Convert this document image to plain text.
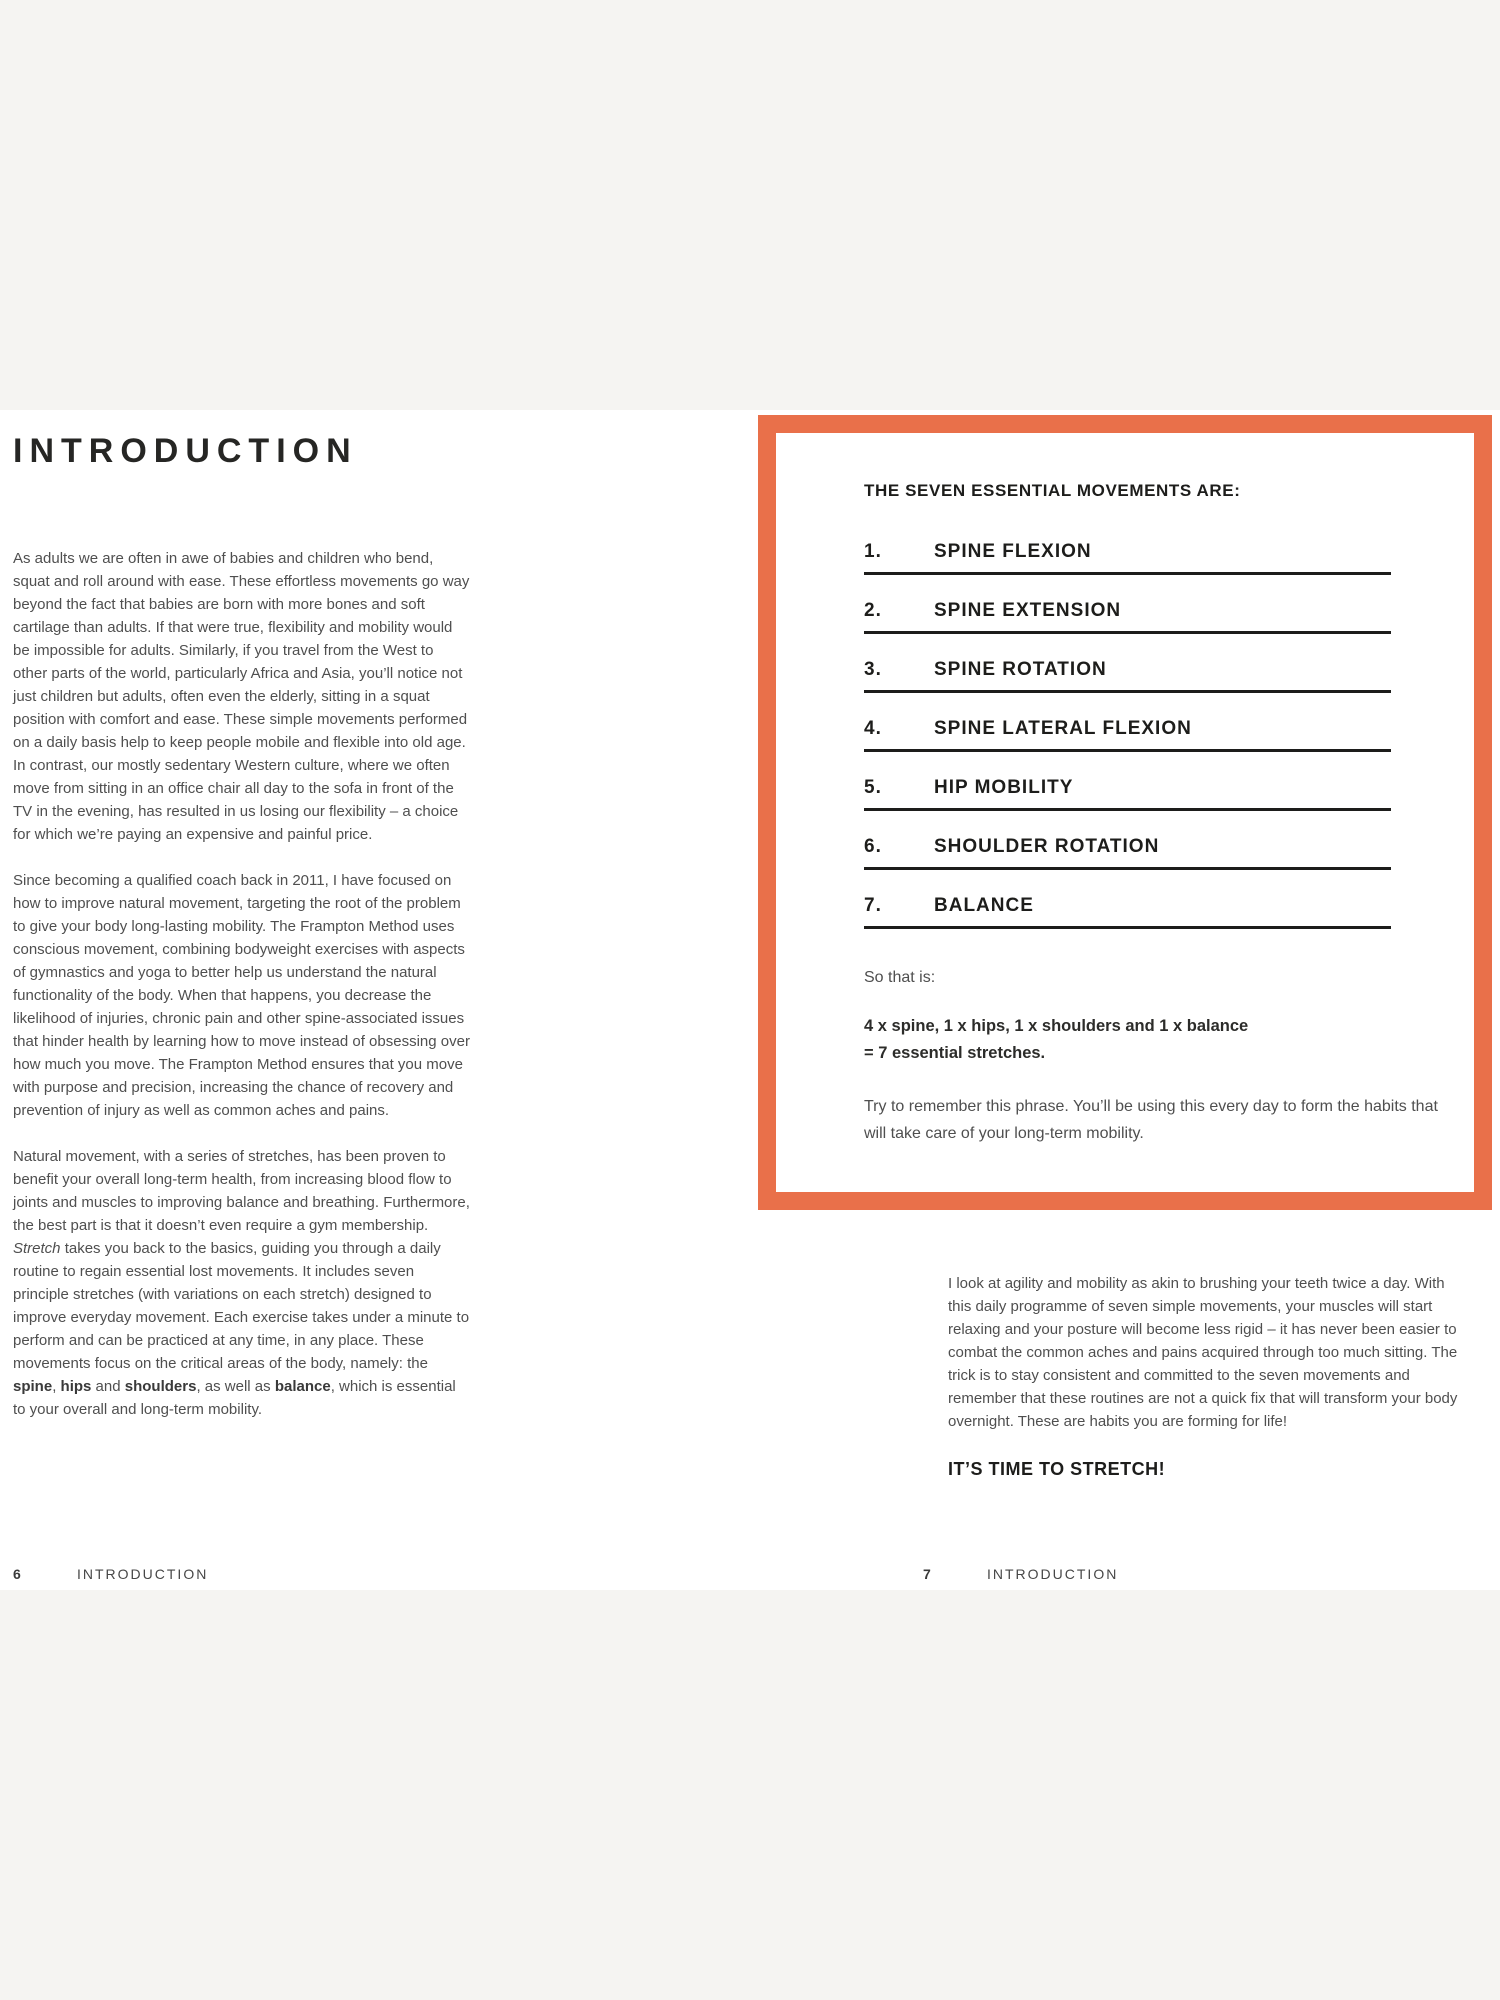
INTRODUCTION

As adults we are often in awe of babies and children who bend, squat and roll around with ease. These effortless movements go way beyond the fact that babies are born with more bones and soft cartilage than adults. If that were true, flexibility and mobility would be impossible for adults. Similarly, if you travel from the West to other parts of the world, particularly Africa and Asia, you’ll notice not just children but adults, often even the elderly, sitting in a squat position with comfort and ease. These simple movements performed on a daily basis help to keep people mobile and flexible into old age. In contrast, our mostly sedentary Western culture, where we often move from sitting in an office chair all day to the sofa in front of the TV in the evening, has resulted in us losing our flexibility – a choice for which we’re paying an expensive and painful price.

Since becoming a qualified coach back in 2011, I have focused on how to improve natural movement, targeting the root of the problem to give your body long-lasting mobility. The Frampton Method uses conscious movement, combining bodyweight exercises with aspects of gymnastics and yoga to better help us understand the natural functionality of the body. When that happens, you decrease the likelihood of injuries, chronic pain and other spine-associated issues that hinder health by learning how to move instead of obsessing over how much you move. The Frampton Method ensures that you move with purpose and precision, increasing the chance of recovery and prevention of injury as well as common aches and pains.

Natural movement, with a series of stretches, has been proven to benefit your overall long-term health, from increasing blood flow to joints and muscles to improving balance and breathing. Furthermore, the best part is that it doesn’t even require a gym membership. Stretch takes you back to the basics, guiding you through a daily routine to regain essential lost movements. It includes seven principle stretches (with variations on each stretch) designed to improve everyday movement. Each exercise takes under a minute to perform and can be practiced at any time, in any place. These movements focus on the critical areas of the body, namely: the spine, hips and shoulders, as well as balance, which is essential to your overall and long-term mobility.

6	INTRODUCTION
THE SEVEN ESSENTIAL MOVEMENTS ARE:
1.	SPINE FLEXION
2.	SPINE EXTENSION
3.	SPINE ROTATION
4.	SPINE LATERAL FLEXION
5.	HIP MOBILITY
6.	SHOULDER ROTATION
7.	BALANCE

So that is:

4 x spine, 1 x hips, 1 x shoulders and 1 x balance
= 7 essential stretches.

Try to remember this phrase. You’ll be using this every day to form the habits that will take care of your long-term mobility.

I look at agility and mobility as akin to brushing your teeth twice a day. With this daily programme of seven simple movements, your muscles will start relaxing and your posture will become less rigid – it has never been easier to combat the common aches and pains acquired through too much sitting. The trick is to stay consistent and committed to the seven movements and remember that these routines are not a quick fix that will transform your body overnight. These are habits you are forming for life!

IT’S TIME TO STRETCH!

7	INTRODUCTION
